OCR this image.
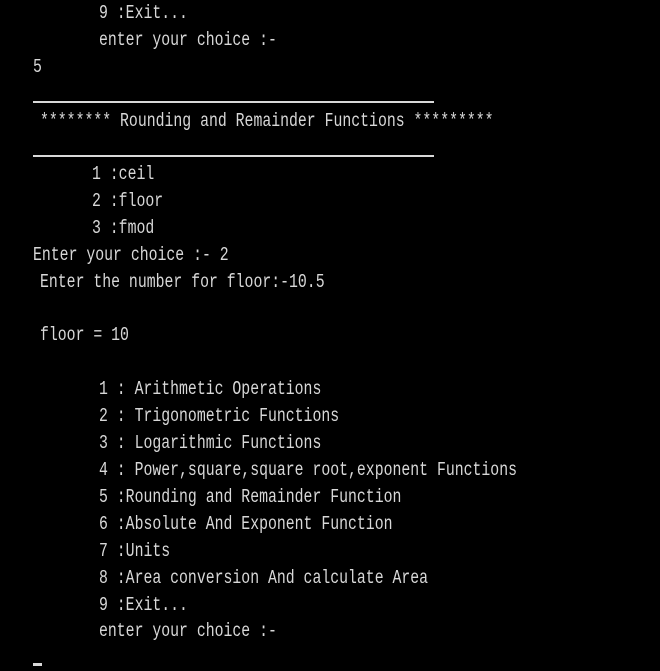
9 :Exit...
enter your choice :-
5
******** Rounding and Remainder Functions *********
1 :ceil
2 :floor
3 :fmod
Enter your choice :- 2
Enter the number for floor:-10.5
floor = 10
1 : Arithmetic Operations
2 : Trigonometric Functions
3 : Logarithmic Functions
4 : Power,square,square root,exponent Functions
5 :Rounding and Remainder Function
6 :Absolute And Exponent Function
7 :Units
8 :Area conversion And calculate Area
9 :Exit...
enter your choice :-
